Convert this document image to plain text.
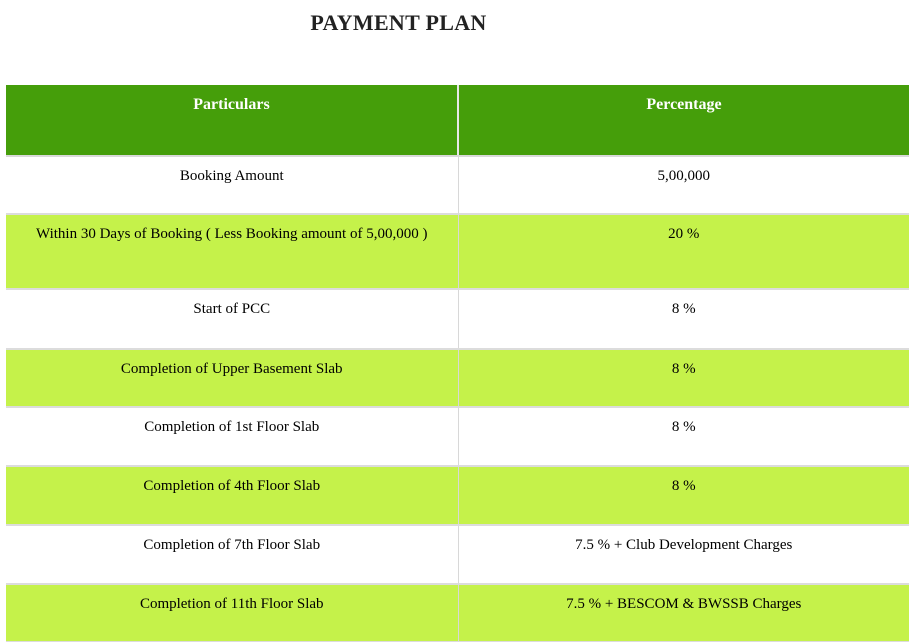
PAYMENT PLAN
Particulars	Percentage
Booking Amount	5,00,000
Within 30 Days of Booking ( Less Booking amount of 5,00,000 )	20 %
Start of PCC	8 %
Completion of Upper Basement Slab	8 %
Completion of 1st Floor Slab	8 %
Completion of 4th Floor Slab	8 %
Completion of 7th Floor Slab	7.5 % + Club Development Charges
Completion of 11th Floor Slab	7.5 % + BESCOM & BWSSB Charges
